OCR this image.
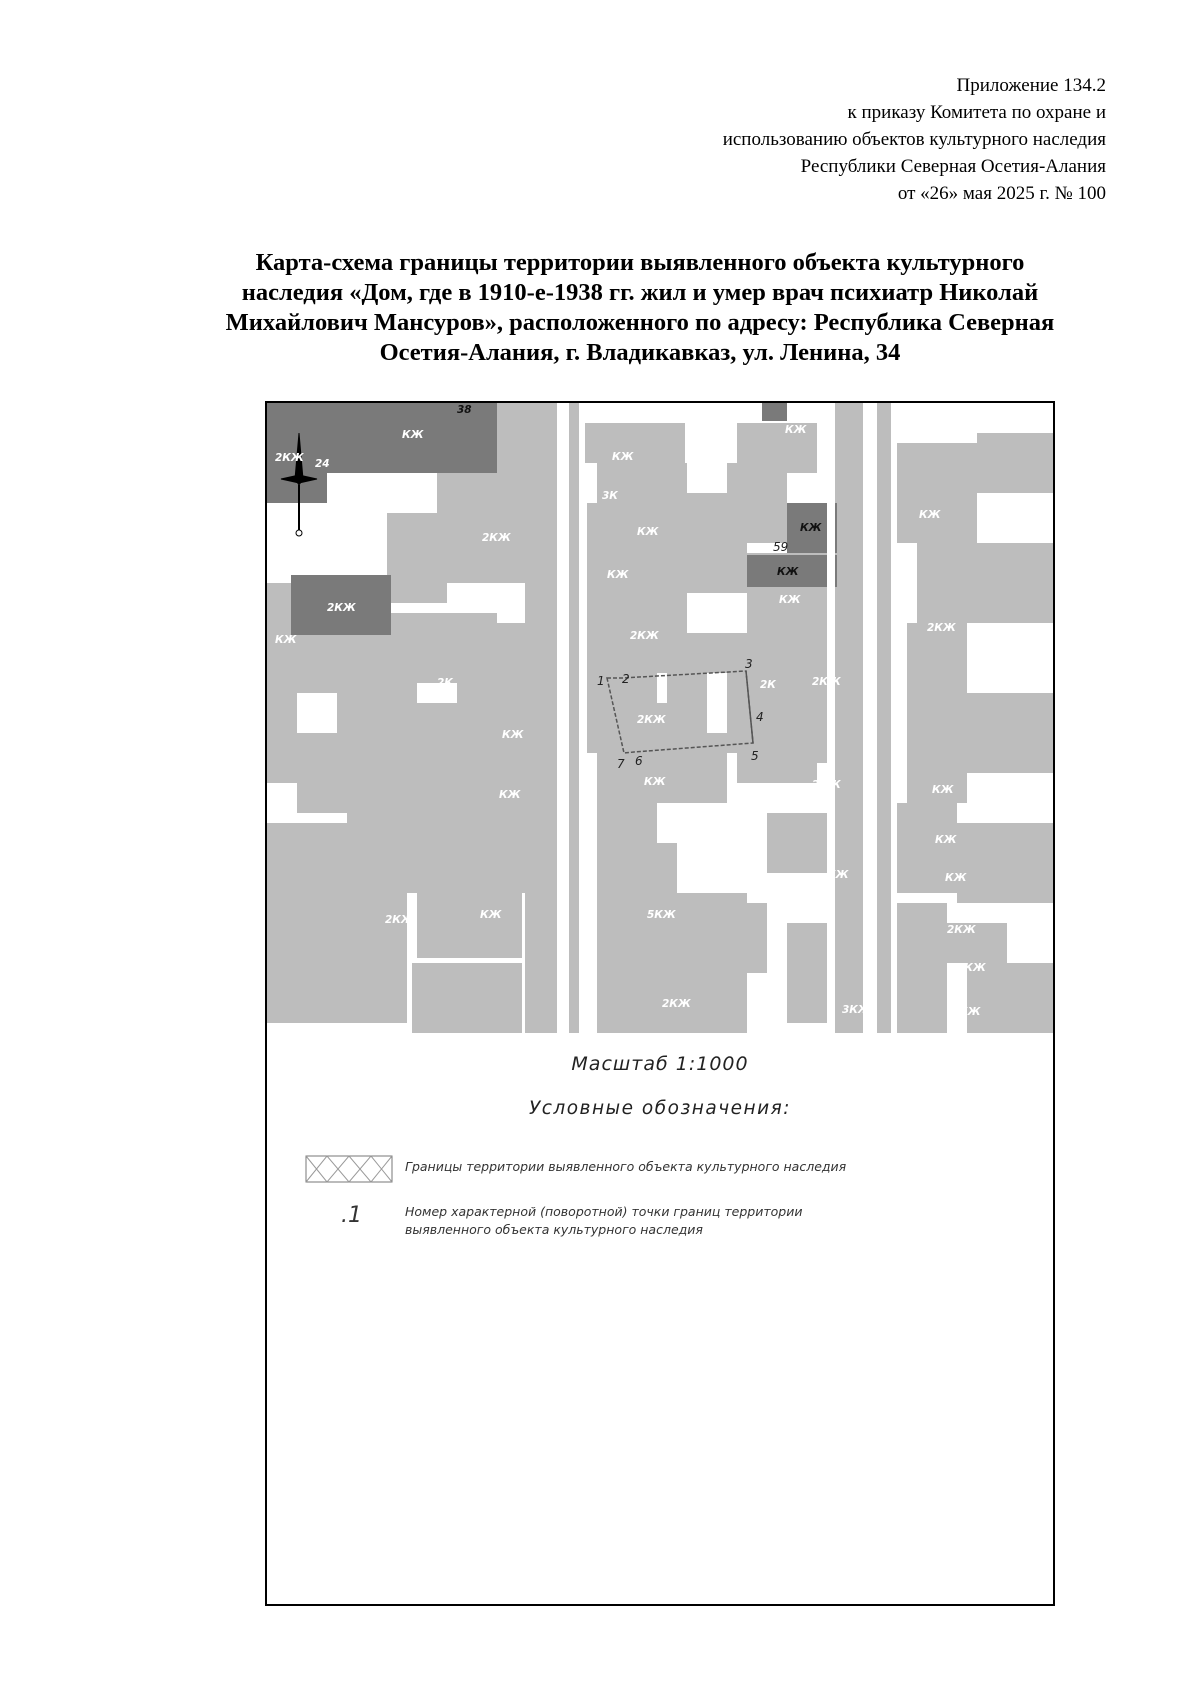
Приложение 134.2
к приказу Комитета по охране и
использованию объектов культурного наследия
Республики Северная Осетия-Алания
от «26» мая 2025 г. № 100
Карта-схема границы территории выявленного объекта культурного
наследия «Дом, где в 1910-е-1938 гг. жил и умер врач психиатр Николай
Михайлович Мансуров», расположенного по адресу: Республика Северная
Осетия-Алания, г. Владикавказ, ул. Ленина, 34
КЖ
2КЖ
2КЖ
КЖ
2К
КЖ
КЖ
2КЖ	КЖ
КЖ
3К
КЖ
КЖ
2КЖ
2КЖ
КЖ
5КЖ
2КЖ
КЖ
2КЖ
КЖ
КЖ
КЖ
2К	2КЖ
2КЖ
КЖ
3КЖ
КЖ
2КЖ
КЖ
КЖ
КЖ
2КЖ
2КЖ
КЖ
2КЖ
38
24
59
1 2
3
4
5
6
7
Масштаб 1:1000
Условные обозначения:
Границы территории выявленного объекта культурного наследия
.1	Номер характерной (поворотной) точки границ территории
выявленного объекта культурного наследия
